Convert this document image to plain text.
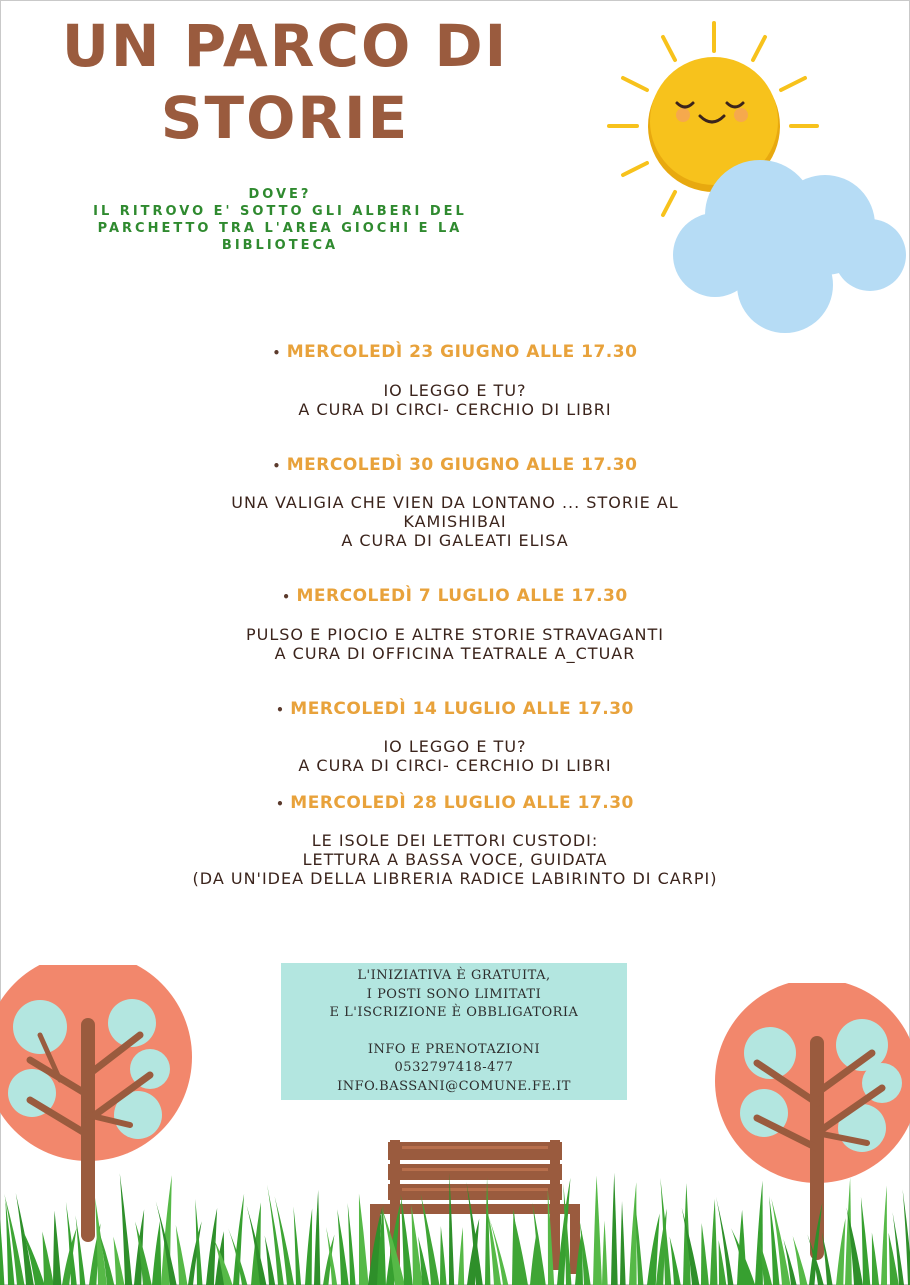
UN PARCO DI
STORIE
DOVE?
IL RITROVO E' SOTTO GLI ALBERI DEL
PARCHETTO TRA L'AREA GIOCHI E LA
BIBLIOTECA
• MERCOLEDÌ 23 GIUGNO ALLE 17.30
IO LEGGO E TU?
A CURA DI CIRCI- CERCHIO DI LIBRI
• MERCOLEDÌ 30 GIUGNO ALLE 17.30
UNA VALIGIA CHE VIEN DA LONTANO ... STORIE AL
KAMISHIBAI
A CURA DI GALEATI ELISA
• MERCOLEDÌ 7 LUGLIO ALLE 17.30
PULSO E PIOCIO E ALTRE STORIE STRAVAGANTI
A CURA DI OFFICINA TEATRALE A_CTUAR
• MERCOLEDÌ 14 LUGLIO ALLE 17.30
IO LEGGO E TU?
A CURA DI CIRCI- CERCHIO DI LIBRI
• MERCOLEDÌ 28 LUGLIO ALLE 17.30
LE ISOLE DEI LETTORI CUSTODI:
LETTURA A BASSA VOCE, GUIDATA
(DA UN'IDEA DELLA LIBRERIA RADICE LABIRINTO DI CARPI)
L'INIZIATIVA È GRATUITA,
I POSTI SONO LIMITATI
E L'ISCRIZIONE È OBBLIGATORIA
INFO E PRENOTAZIONI
0532797418-477
INFO.BASSANI@COMUNE.FE.IT
